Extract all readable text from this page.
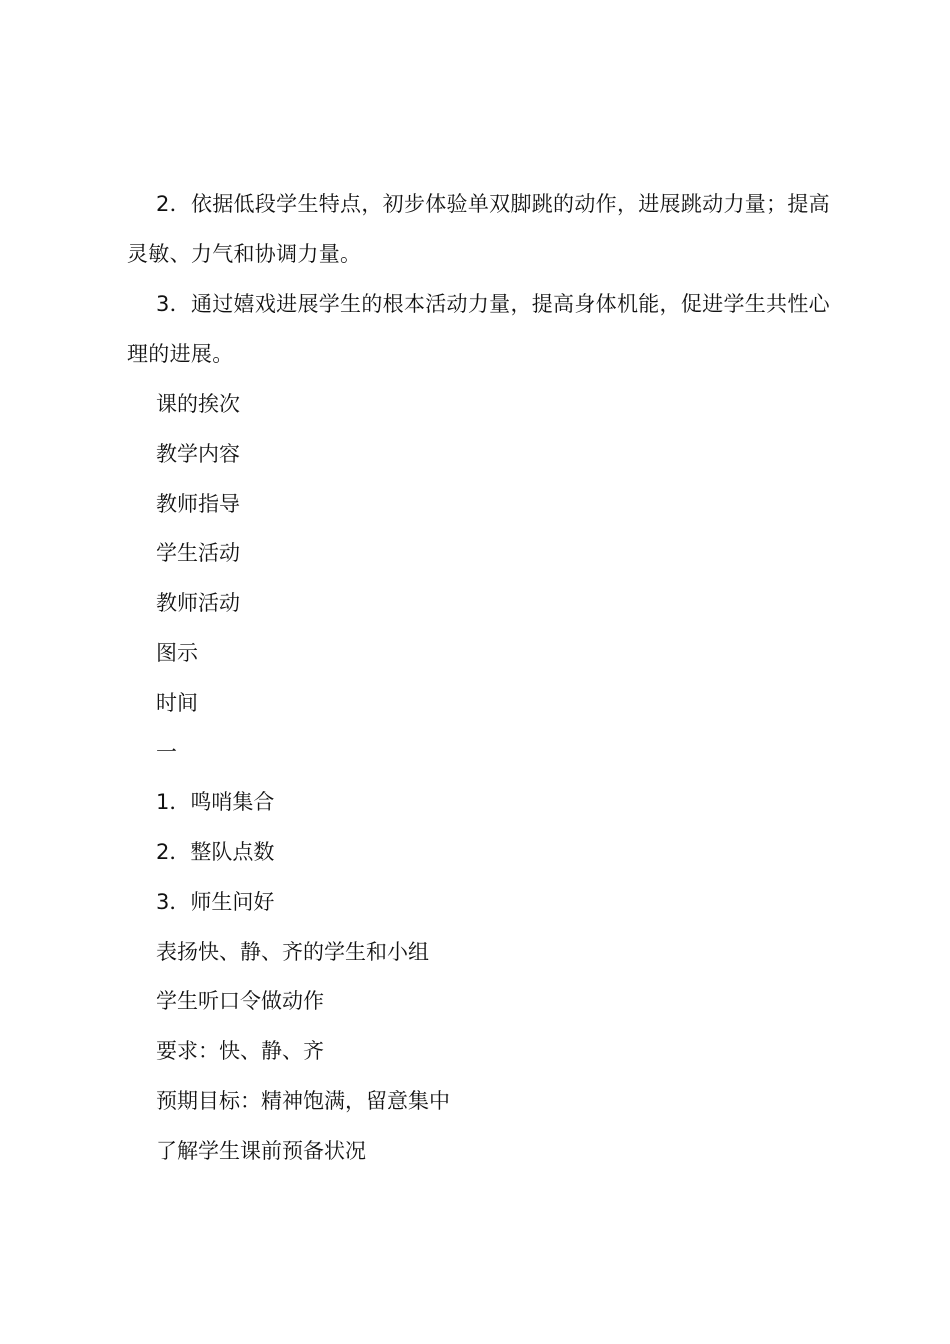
2．依据低段学生特点，初步体验单双脚跳的动作，进展跳动力量；提高灵敏、力气和协调力量。

3．通过嬉戏进展学生的根本活动力量，提高身体机能，促进学生共性心理的进展。

课的挨次

教学内容

教师指导

学生活动

教师活动

图示

时间

一

1．鸣哨集合

2．整队点数

3．师生问好

表扬快、静、齐的学生和小组

学生听口令做动作

要求：快、静、齐

预期目标：精神饱满，留意集中

了解学生课前预备状况
